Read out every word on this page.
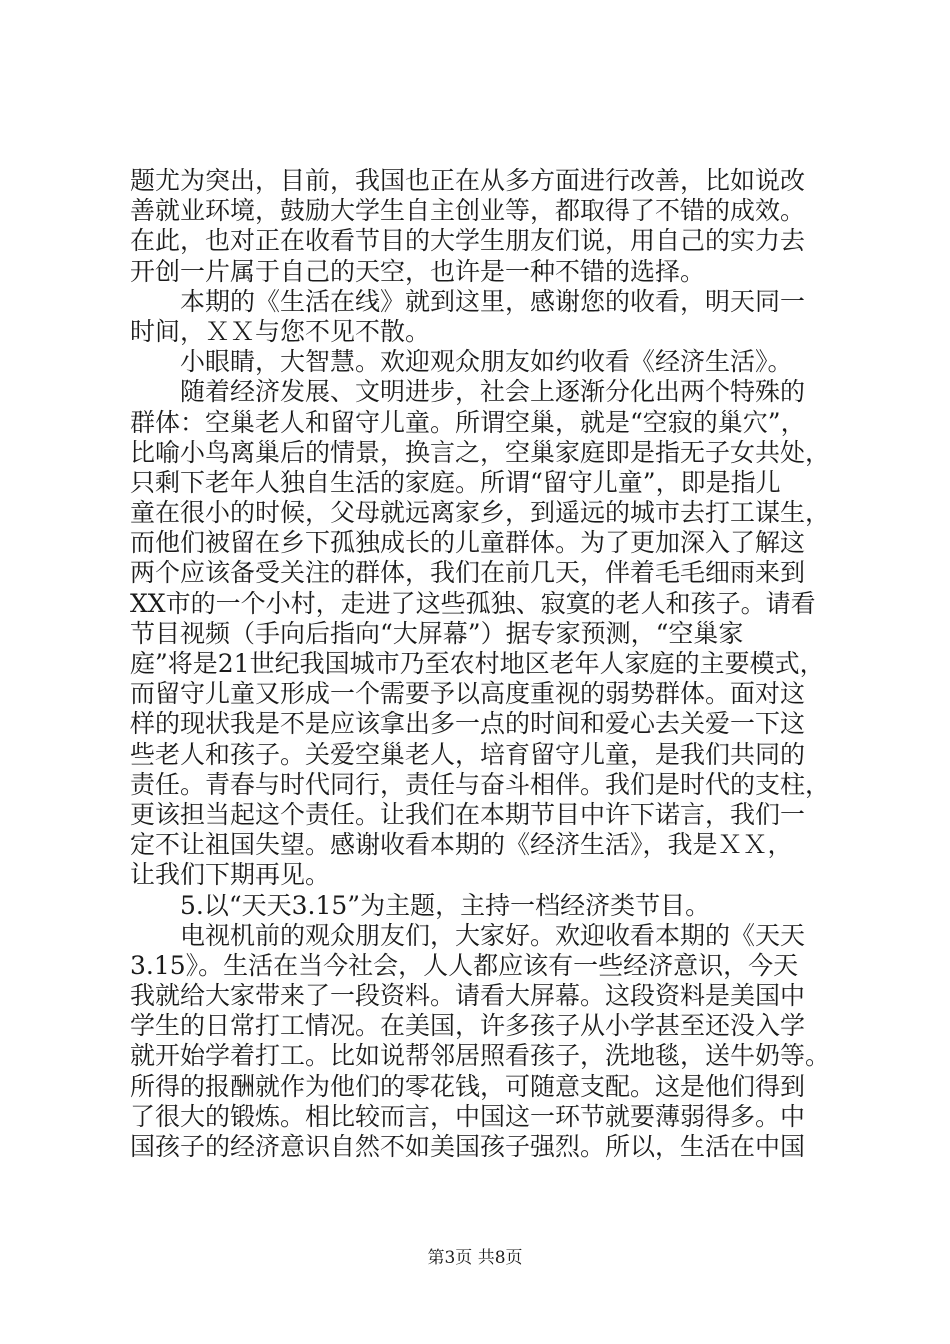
题尤为突出，目前，我国也正在从多方面进行改善，比如说改
善就业环境，鼓励大学生自主创业等，都取得了不错的成效。
在此，也对正在收看节目的大学生朋友们说，用自己的实力去
开创一片属于自己的天空，也许是一种不错的选择。
　　本期的《生活在线》就到这里，感谢您的收看，明天同一
时间，ＸＸ与您不见不散。
　　小眼睛，大智慧。欢迎观众朋友如约收看《经济生活》。
　　随着经济发展、文明进步，社会上逐渐分化出两个特殊的
群体：空巢老人和留守儿童。所谓空巢，就是“空寂的巢穴”，
比喻小鸟离巢后的情景，换言之，空巢家庭即是指无子女共处，
只剩下老年人独自生活的家庭。所谓“留守儿童”，即是指儿
童在很小的时候，父母就远离家乡，到遥远的城市去打工谋生，
而他们被留在乡下孤独成长的儿童群体。为了更加深入了解这
两个应该备受关注的群体，我们在前几天，伴着毛毛细雨来到
XX市的一个小村，走进了这些孤独、寂寞的老人和孩子。请看
节目视频（手向后指向“大屏幕”）据专家预测，“空巢家
庭”将是21世纪我国城市乃至农村地区老年人家庭的主要模式，
而留守儿童又形成一个需要予以高度重视的弱势群体。面对这
样的现状我是不是应该拿出多一点的时间和爱心去关爱一下这
些老人和孩子。关爱空巢老人，培育留守儿童，是我们共同的
责任。青春与时代同行，责任与奋斗相伴。我们是时代的支柱，
更该担当起这个责任。让我们在本期节目中许下诺言，我们一
定不让祖国失望。感谢收看本期的《经济生活》，我是ＸＸ，
让我们下期再见。
　　5.以“天天3.15”为主题，主持一档经济类节目。
　　电视机前的观众朋友们，大家好。欢迎收看本期的《天天
3.15》。生活在当今社会，人人都应该有一些经济意识，今天
我就给大家带来了一段资料。请看大屏幕。这段资料是美国中
学生的日常打工情况。在美国，许多孩子从小学甚至还没入学
就开始学着打工。比如说帮邻居照看孩子，洗地毯，送牛奶等。
所得的报酬就作为他们的零花钱，可随意支配。这是他们得到
了很大的锻炼。相比较而言，中国这一环节就要薄弱得多。中
国孩子的经济意识自然不如美国孩子强烈。所以，生活在中国
第3页 共8页
